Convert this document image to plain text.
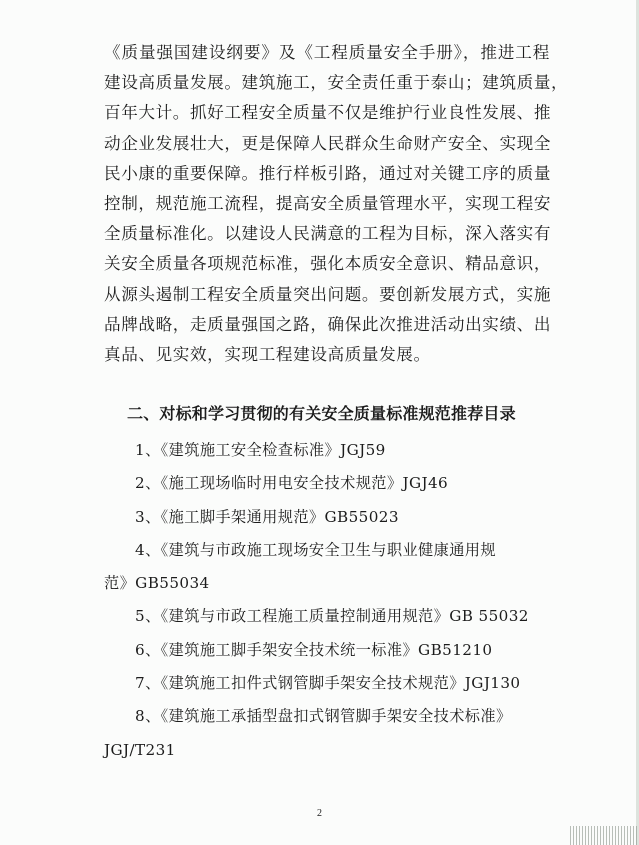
《质量强国建设纲要》及《工程质量安全手册》，推进工程
建设高质量发展。建筑施工，安全责任重于泰山；建筑质量，
百年大计。抓好工程安全质量不仅是维护行业良性发展、推
动企业发展壮大，更是保障人民群众生命财产安全、实现全
民小康的重要保障。推行样板引路，通过对关键工序的质量
控制，规范施工流程，提高安全质量管理水平，实现工程安
全质量标准化。以建设人民满意的工程为目标，深入落实有
关安全质量各项规范标准，强化本质安全意识、精品意识，
从源头遏制工程安全质量突出问题。要创新发展方式，实施
品牌战略，走质量强国之路，确保此次推进活动出实绩、出
真品、见实效，实现工程建设高质量发展。
二、对标和学习贯彻的有关安全质量标准规范推荐目录
1、《建筑施工安全检查标准》JGJ59
2、《施工现场临时用电安全技术规范》JGJ46
3、《施工脚手架通用规范》GB55023
4、《建筑与市政施工现场安全卫生与职业健康通用规
范》GB55034
5、《建筑与市政工程施工质量控制通用规范》GB 55032
6、《建筑施工脚手架安全技术统一标准》GB51210
7、《建筑施工扣件式钢管脚手架安全技术规范》JGJ130
8、《建筑施工承插型盘扣式钢管脚手架安全技术标准》
JGJ/T231
2
